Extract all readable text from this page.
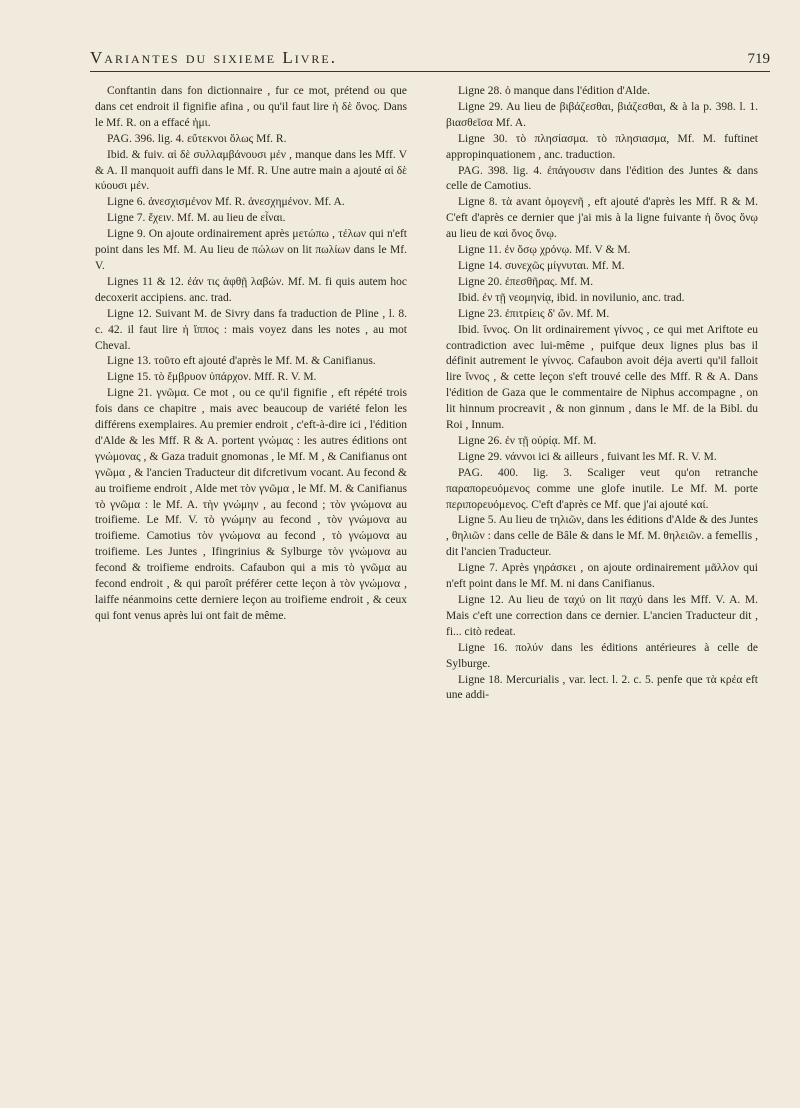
Variantes du sixieme Livre.	719

Conftantin dans fon dictionnaire , fur ce mot, prétend ou que dans cet endroit il fignifie afina , ou qu'il faut lire ἡ δὲ ὄνος. Dans le Mf. R. on a effacé ἡμι.

PAG. 396. lig. 4. εὔτεκνοι ὅλως Mf. R.

Ibid. & fuiv. αἱ δὲ συλλαμβάνουσι μέν , manque dans les Mff. V & A. Il manquoit auffi dans le Mf. R. Une autre main a ajouté αἱ δὲ κύουσι μέν.

Ligne 6. ἀνεσχισμένον Mf. R. ἀνεσχημένον. Mf. A.

Ligne 7. ἔχειν. Mf. M. au lieu de εἶναι.

Ligne 9. On ajoute ordinairement après μετώπω , τέλων qui n'eft point dans les Mf. M. Au lieu de πώλων on lit πωλίων dans le Mf. V.

Lignes 11 & 12. ἐάν τις ἀφθῇ λαβών. Mf. M. fi quis autem hoc decoxerit accipiens. anc. trad.

Ligne 12. Suivant M. de Sivry dans fa traduction de Pline , l. 8. c. 42. il faut lire ἡ ἵππος : mais voyez dans les notes , au mot Cheval.

Ligne 13. τοῦτο eft ajouté d'après le Mf. M. & Canifianus.

Ligne 15. τὸ ἔμβρυον ὑπάρχον. Mff. R. V. M.

Ligne 21. γνῶμα. Ce mot , ou ce qu'il fignifie , eft répété trois fois dans ce chapitre , mais avec beaucoup de variété felon les différens exemplaires. Au premier endroit , c'eft-à-dire ici , l'édition d'Alde & les Mff. R & A. portent γνώμας : les autres éditions ont γνώμονας , & Gaza traduit gnomonas , le Mf. M , & Canifianus ont γνῶμα , & l'ancien Traducteur dit difcretivum vocant. Au fecond & au troifieme endroit , Alde met τὸν γνῶμα , le Mf. M. & Canifianus τὸ γνῶμα : le Mf. A. τὴν γνώμην , au fecond ; τὸν γνώμονα au troifieme. Le Mf. V. τὸ γνώμην au fecond , τὸν γνώμονα au troifieme. Camotius τὸν γνώμονα au fecond , τὸ γνώμονα au troifieme. Les Juntes , Ifingrinius & Sylburge τὸν γνώμονα au fecond & troifieme endroits. Cafaubon qui a mis τὸ γνῶμα au fecond endroit , & qui paroît préférer cette leçon à τὸν γνώμονα , laiffe néanmoins cette derniere leçon au troifieme endroit , & ceux qui font venus après lui ont fait de même.

Ligne 28. ὁ manque dans l'édition d'Alde.

Ligne 29. Au lieu de βιβάζεσθαι, βιάζεσθαι, & à la p. 398. l. 1. βιασθεῖσα Mf. A.

Ligne 30. τὸ πλησίασμα. τὸ πλησιασμα, Mf. M. fuftinet appropinquationem , anc. traduction.

PAG. 398. lig. 4. ἐπάγουσιν dans l'édition des Juntes & dans celle de Camotius.

Ligne 8. τὰ avant ὁμογενῆ , eft ajouté d'après les Mff. R & M. C'eft d'après ce dernier que j'ai mis à la ligne fuivante ἡ ὄνος ὄνῳ au lieu de καὶ ὄνος ὄνῳ.

Ligne 11. ἐν ὅσῳ χρόνῳ. Mf. V & M.

Ligne 14. συνεχῶς μίγνυται. Mf. M.

Ligne 20. ἐπεσθῆρας. Mf. M.

Ibid. ἐν τῇ νεομηνίᾳ, ibid. in novilunio, anc. trad.

Ligne 23. ἐπιτρίεις δ' ὤν. Mf. M.

Ibid. ἴννος. On lit ordinairement γίννος , ce qui met Ariftote eu contradiction avec lui-même , puifque deux lignes plus bas il définit autrement le γίννος. Cafaubon avoit déja averti qu'il falloit lire ἴννος , & cette leçon s'eft trouvé celle des Mff. R & A. Dans l'édition de Gaza que le commentaire de Niphus accompagne , on lit hinnum procreavit , & non ginnum , dans le Mf. de la Bibl. du Roi , Innum.

Ligne 26. ἐν τῇ οὐρίᾳ. Mf. M.

Ligne 29. νάννοι ici & ailleurs , fuivant les Mf. R. V. M.

PAG. 400. lig. 3. Scaliger veut qu'on retranche παραπορευόμενος comme une glofe inutile. Le Mf. M. porte περιπορευόμενος. C'eft d'après ce Mf. que j'ai ajouté καί.

Ligne 5. Au lieu de τηλιῶν, dans les éditions d'Alde & des Juntes , θηλιῶν : dans celle de Bâle & dans le Mf. M. θηλειῶν. a femellis , dit l'ancien Traducteur.

Ligne 7. Après γηράσκει , on ajoute ordinairement μᾶλλον qui n'eft point dans le Mf. M. ni dans Canifianus.

Ligne 12. Au lieu de ταχύ on lit παχύ dans les Mff. V. A. M. Mais c'eft une correction dans ce dernier. L'ancien Traducteur dit , fi... citò redeat.

Ligne 16. πολύν dans les éditions antérieures à celle de Sylburge.

Ligne 18. Mercurialis , var. lect. l. 2. c. 5. penfe que τὰ κρέα eft une addi-
